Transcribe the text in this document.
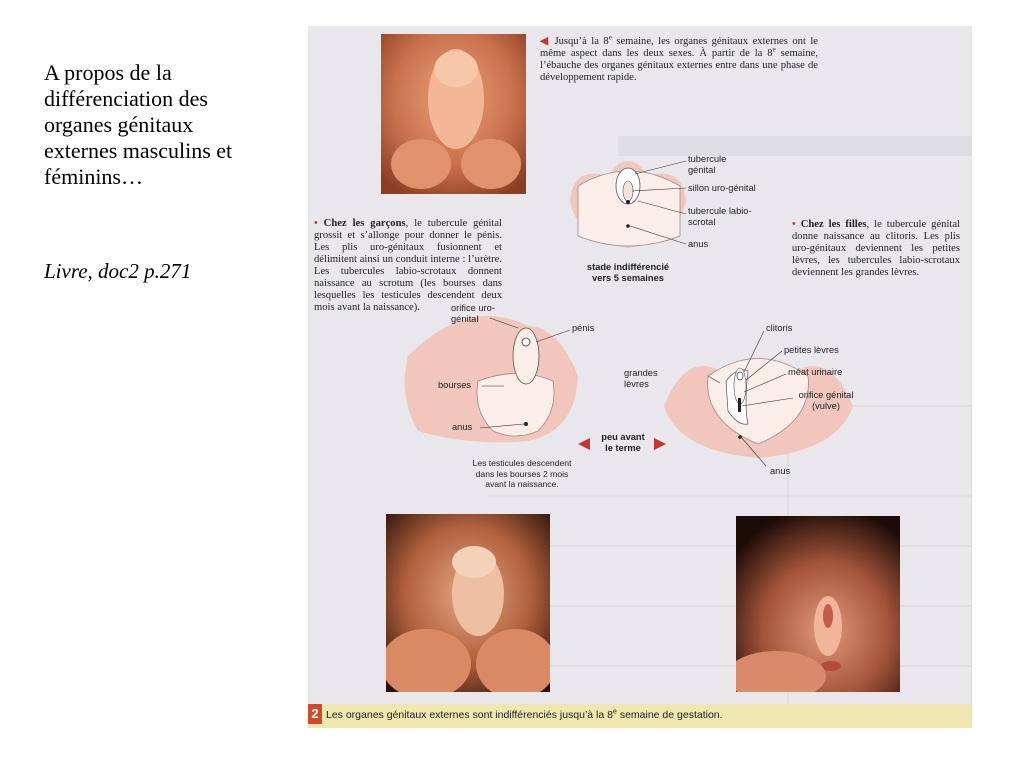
A propos de la différenciation des organes génitaux externes masculins et féminins…
Livre, doc2 p.271
◀ Jusqu’à la 8e semaine, les organes génitaux externes ont le même aspect dans les deux sexes. À partir de la 8e semaine, l’ébauche des organes génitaux externes entre dans une phase de développement rapide.
• Chez les garçons, le tubercule génital grossit et s’allonge pour donner le pénis. Les plis uro-génitaux fusionnent et délimitent ainsi un conduit interne : l’urètre. Les tubercules labio-scrotaux donnent naissance au scrotum (les bourses dans lesquelles les testicules descendent deux mois avant la naissance).
• Chez les filles, le tubercule génital donne naissance au clitoris. Les plis uro-génitaux deviennent les petites lèvres, les tubercules labio-scrotaux deviennent les grandes lèvres.
tubercule génital
sillon uro-génital
tubercule labio-scrotal
anus
stade indifférencié
vers 5 semaines
orifice uro-génital
pénis
bourses
anus
Les testicules descendent dans les bourses 2 mois avant la naissance.
peu avant
le terme
clitoris
petites lèvres
grandes lèvres
méat urinaire
orifice génital (vulve)
anus
2 Les organes génitaux externes sont indifférenciés jusqu’à la 8e semaine de gestation.
